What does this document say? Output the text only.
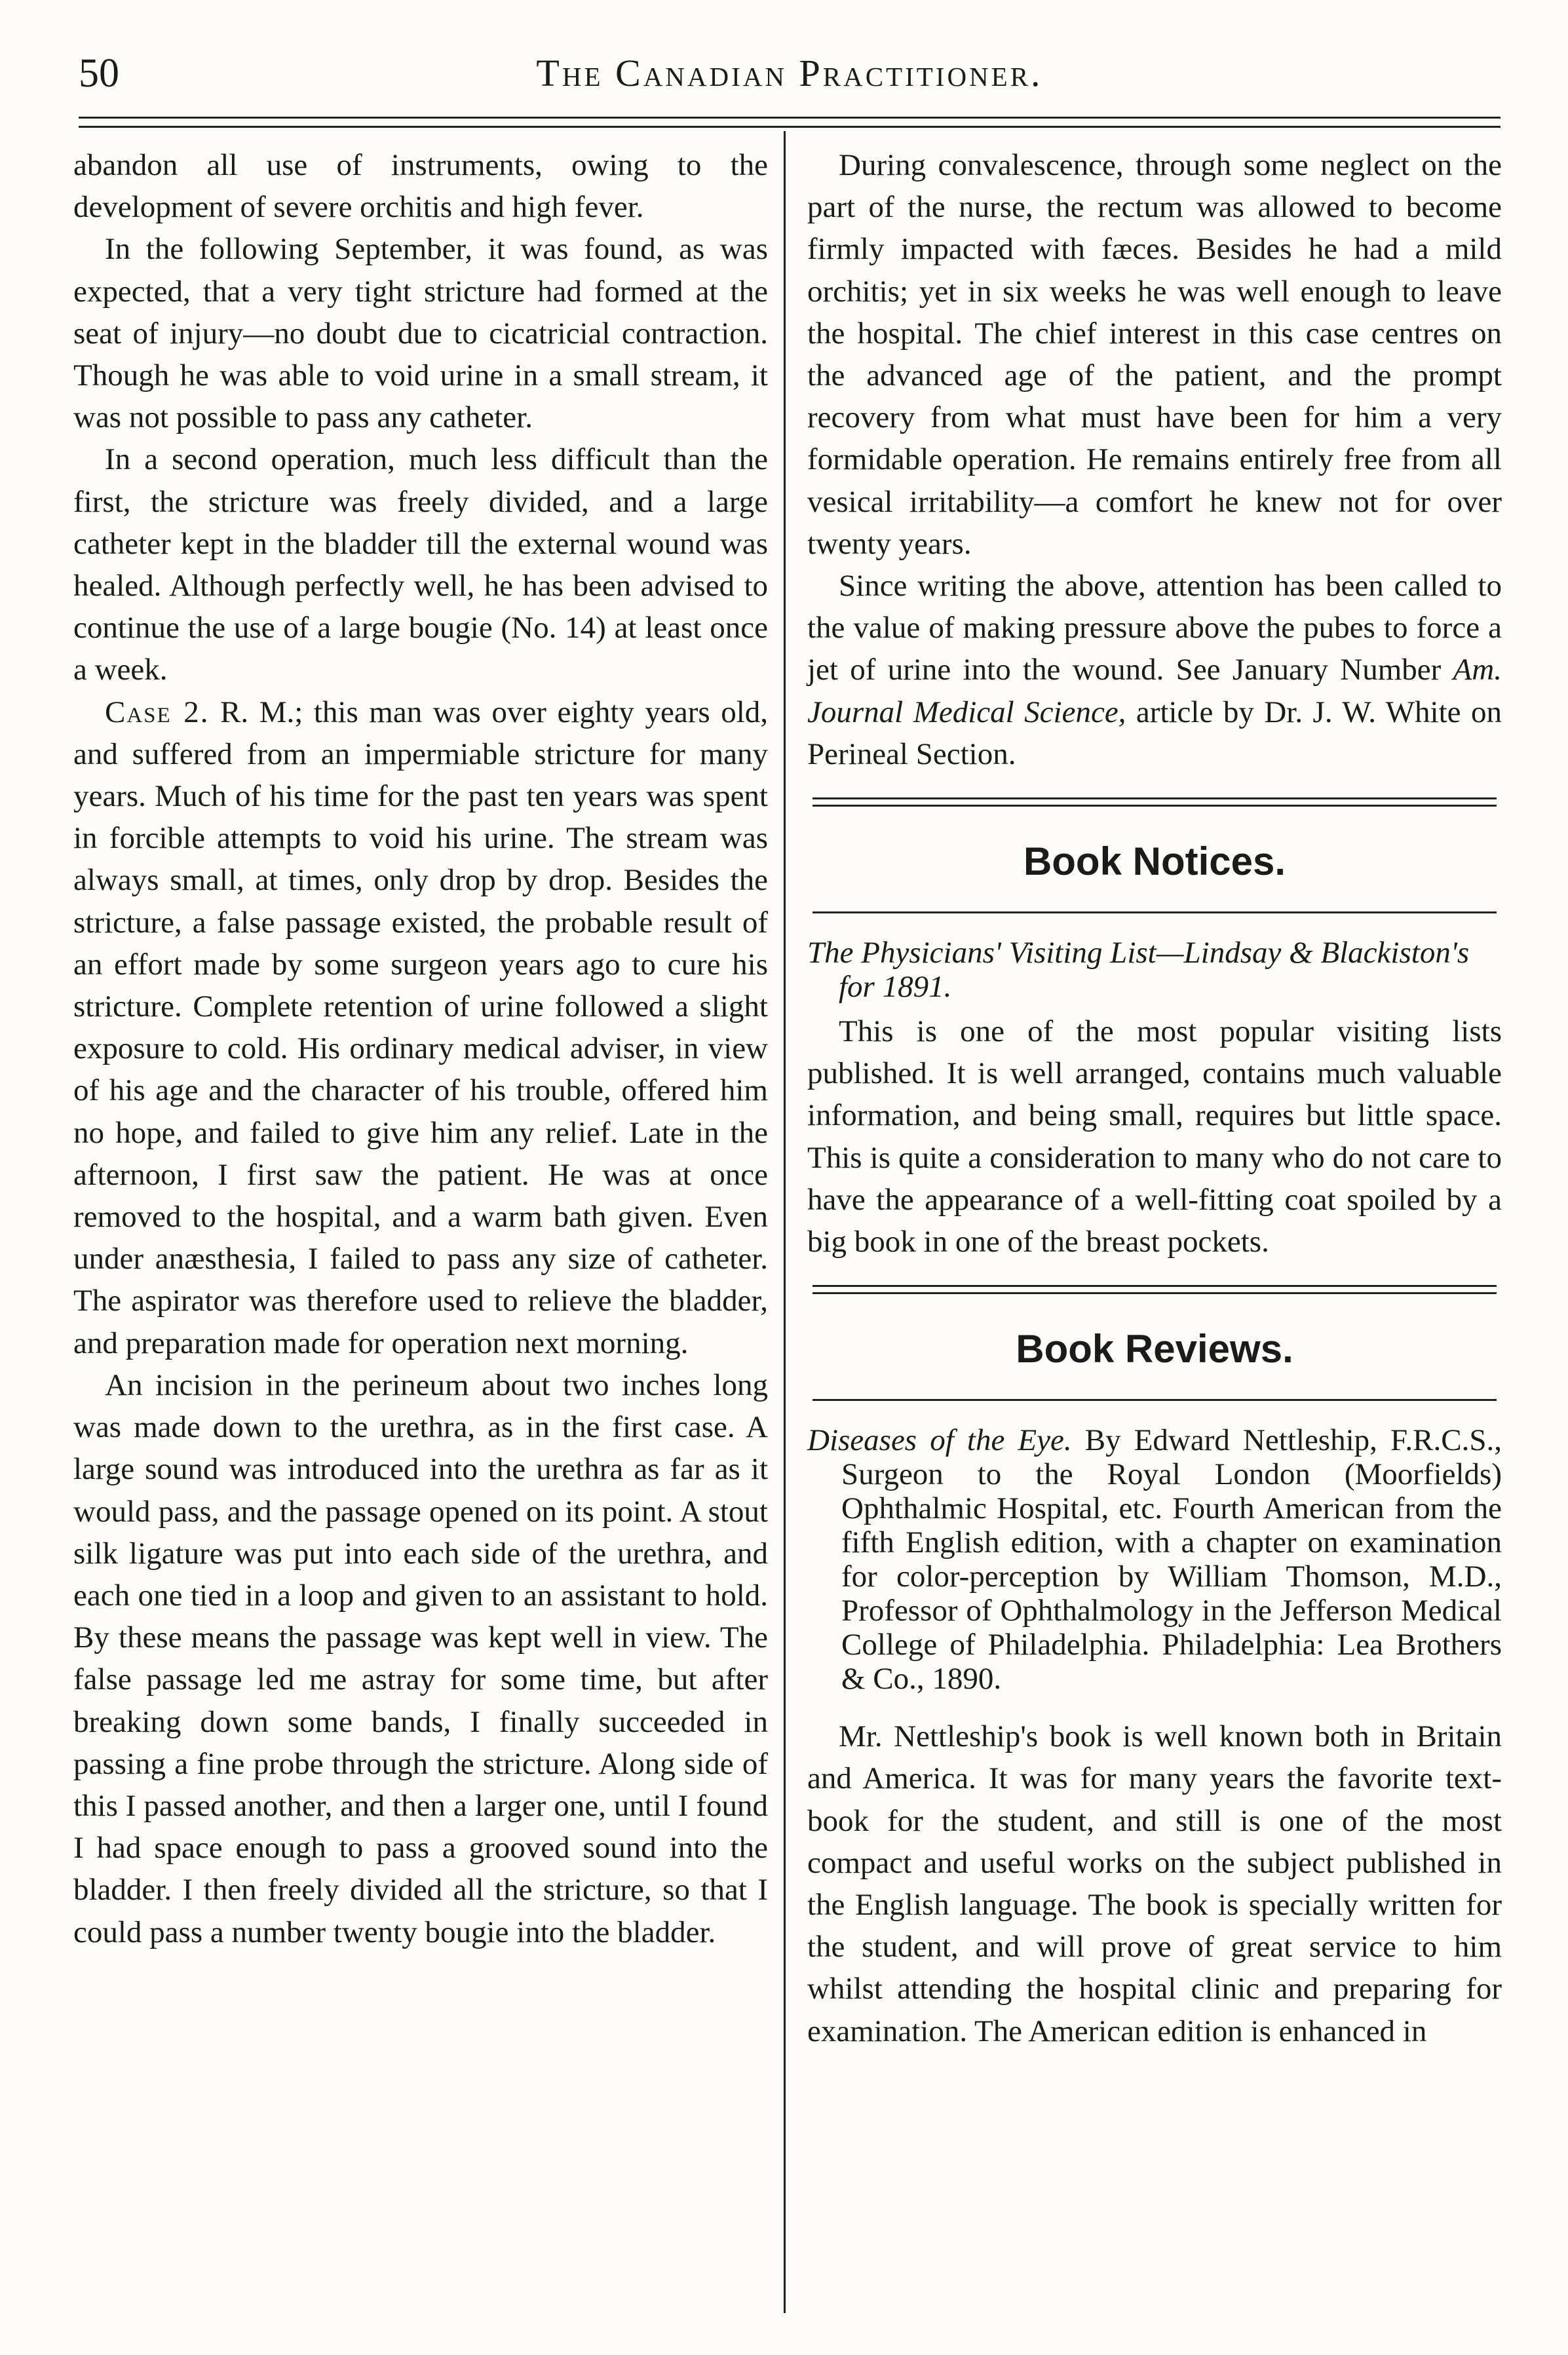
50	The Canadian Practitioner.

abandon all use of instruments, owing to the development of severe orchitis and high fever.

In the following September, it was found, as was expected, that a very tight stricture had formed at the seat of injury—no doubt due to cicatricial contraction. Though he was able to void urine in a small stream, it was not possible to pass any catheter.

In a second operation, much less difficult than the first, the stricture was freely divided, and a large catheter kept in the bladder till the external wound was healed. Although perfectly well, he has been advised to continue the use of a large bougie (No. 14) at least once a week.

Case 2. R. M.; this man was over eighty years old, and suffered from an impermiable stricture for many years. Much of his time for the past ten years was spent in forcible attempts to void his urine. The stream was always small, at times, only drop by drop. Besides the stricture, a false passage existed, the probable result of an effort made by some surgeon years ago to cure his stricture. Complete retention of urine followed a slight exposure to cold. His ordinary medical adviser, in view of his age and the character of his trouble, offered him no hope, and failed to give him any relief. Late in the afternoon, I first saw the patient. He was at once removed to the hospital, and a warm bath given. Even under anæsthesia, I failed to pass any size of catheter. The aspirator was therefore used to relieve the bladder, and preparation made for operation next morning.

An incision in the perineum about two inches long was made down to the urethra, as in the first case. A large sound was introduced into the urethra as far as it would pass, and the passage opened on its point. A stout silk ligature was put into each side of the urethra, and each one tied in a loop and given to an assistant to hold. By these means the passage was kept well in view. The false passage led me astray for some time, but after breaking down some bands, I finally succeeded in passing a fine probe through the stricture. Along side of this I passed another, and then a larger one, until I found I had space enough to pass a grooved sound into the bladder. I then freely divided all the stricture, so that I could pass a number twenty bougie into the bladder.

During convalescence, through some neglect on the part of the nurse, the rectum was allowed to become firmly impacted with fæces. Besides he had a mild orchitis; yet in six weeks he was well enough to leave the hospital. The chief interest in this case centres on the advanced age of the patient, and the prompt recovery from what must have been for him a very formidable operation. He remains entirely free from all vesical irritability—a comfort he knew not for over twenty years.

Since writing the above, attention has been called to the value of making pressure above the pubes to force a jet of urine into the wound. See January Number Am. Journal Medical Science, article by Dr. J. W. White on Perineal Section.

Book Notices.
The Physicians' Visiting List—Lindsay & Blackiston's for 1891.

This is one of the most popular visiting lists published. It is well arranged, contains much valuable information, and being small, requires but little space. This is quite a consideration to many who do not care to have the appearance of a well-fitting coat spoiled by a big book in one of the breast pockets.

Book Reviews.
Diseases of the Eye. By Edward Nettleship, F.R.C.S., Surgeon to the Royal London (Moorfields) Ophthalmic Hospital, etc. Fourth American from the fifth English edition, with a chapter on examination for color-perception by William Thomson, M.D., Professor of Ophthalmology in the Jefferson Medical College of Philadelphia. Philadelphia: Lea Brothers & Co., 1890.

Mr. Nettleship's book is well known both in Britain and America. It was for many years the favorite text-book for the student, and still is one of the most compact and useful works on the subject published in the English language. The book is specially written for the student, and will prove of great service to him whilst attending the hospital clinic and preparing for examination. The American edition is enhanced in
